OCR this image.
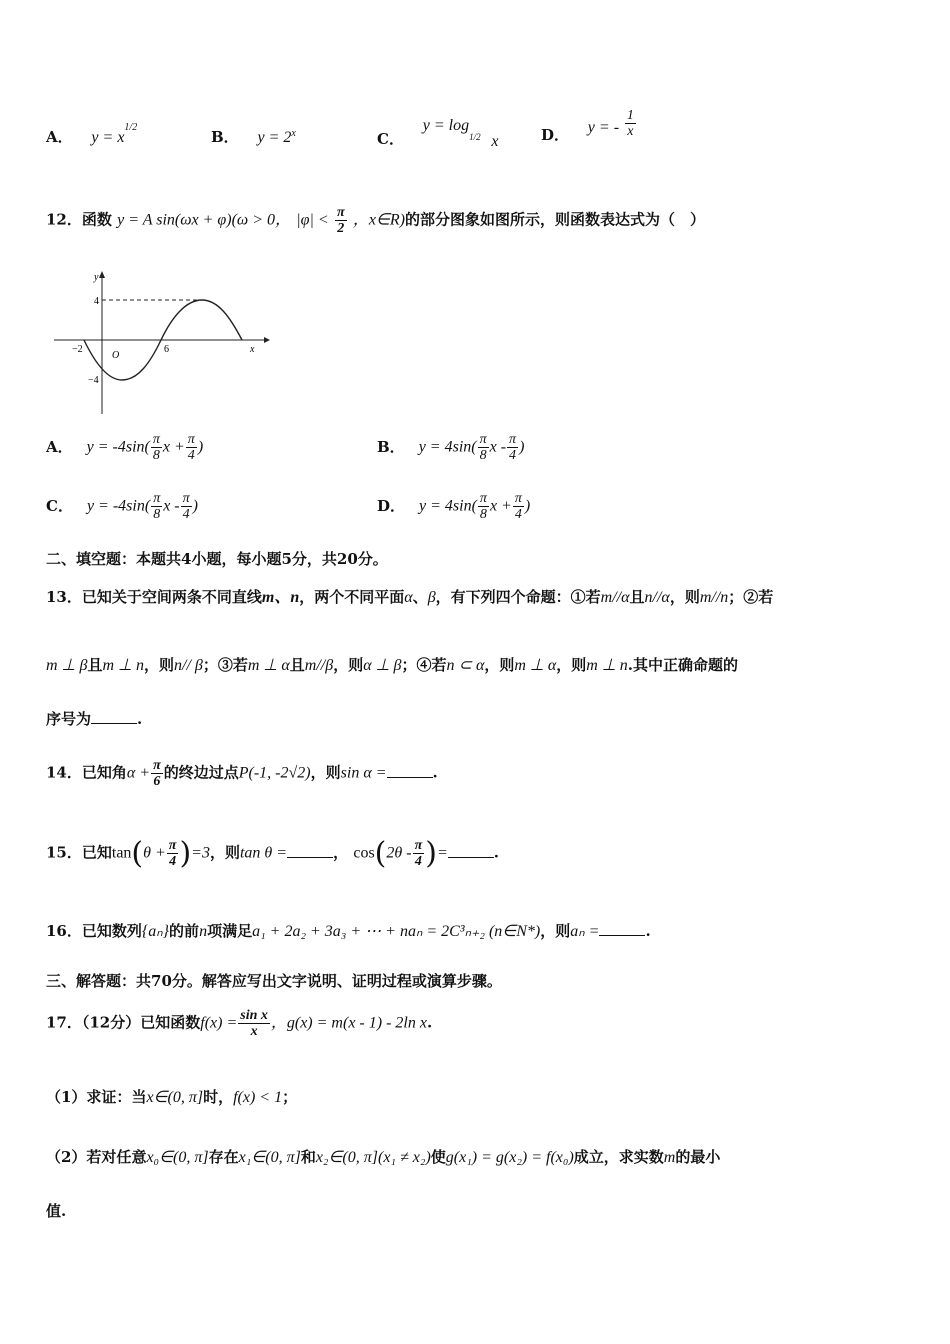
A． $y = x^{1/2}$
B． $y = 2^x$	C． $y = \log_{1/2} x$	D． y = - $\frac{1}{x}$
12．函数 y = A sin(ωx + φ)(ω > 0， $|\varphi| < \frac{\pi}{2}$ ，x∈R)的部分图象如图所示，则函数表达式为（　）
4
−4
−2	6
O
x
y
A． $y = -4\sin( \frac{\pi}{8}$ $x + \frac{\pi}{4}$ )	B． $y = 4\sin( \frac{\pi}{8}$ x - $\frac{\pi}{4}$ )
C． $y = -4\sin( \frac{\pi}{8}$ x - $\frac{\pi}{4}$ )	D． $y = 4\sin( \frac{\pi}{8}$ $x + \frac{\pi}{4}$ )
二、填空题：本题共4小题，每小题5分，共20分。
13．已知关于空间两条不同直线m、n，两个不同平面α、β，有下列四个命题：①若m//α且n//α，则m//n；②若
m ⊥ β且m ⊥ n，则n// β；③若m ⊥ α且m//β，则α ⊥ β；④若n ⊂ α，则m ⊥ α，则m ⊥ n.其中正确命题的
序号为	.
14．已知角$\alpha + \frac{\pi}{6}$ 的终边过点P(-1, -2√2)，则sin α =	.
15．已知$\tan(\theta + \frac{\pi}{4} )=3$，则tan θ =	， $\cos(2\theta - \frac{\pi}{4}$ )=	.
16．已知数列{aₙ}的前n项满足a₁ + 2a₂ + 3a₃ + ⋯ + naₙ = 2C³ₙ₊₂ (n∈N*)，则aₙ =	.
三、解答题：共70分。解答应写出文字说明、证明过程或演算步骤。
17．（12分）已知函数$f(x) = \frac{\text{sin x}}{x}$ ，g(x) = m(x - 1) - 2ln x.
（1）求证：当x∈(0, π]时，f(x) < 1；
（2）若对任意x₀∈(0, π]存在x₁∈(0, π]和x₂∈(0, π](x₁ ≠ x₂)使g(x₁) = g(x₂) = f(x₀)成立，求实数m的最小
值.
